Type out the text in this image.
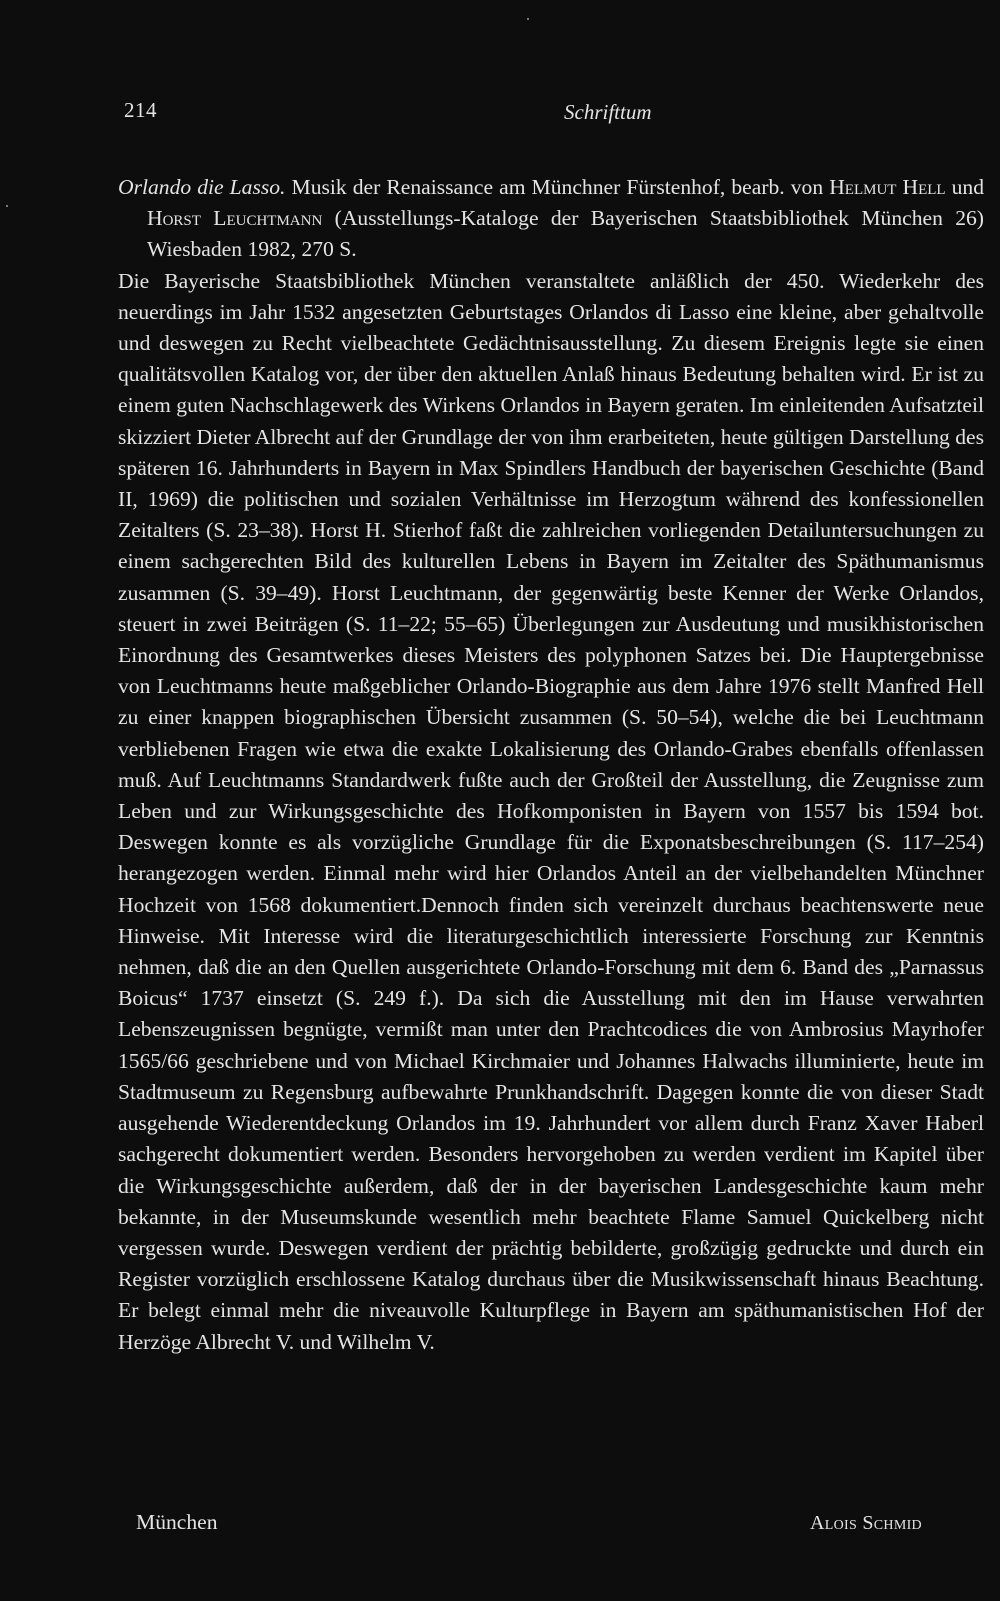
214	Schrifttum

Orlando die Lasso. Musik der Renaissance am Münchner Fürstenhof, bearb. von Helmut Hell und Horst Leuchtmann (Ausstellungs-Kataloge der Bayerischen Staatsbibliothek München 26) Wiesbaden 1982, 270 S.

Die Bayerische Staatsbibliothek München veranstaltete anläßlich der 450. Wiederkehr des neuerdings im Jahr 1532 angesetzten Geburtstages Orlandos di Lasso eine kleine, aber gehaltvolle und deswegen zu Recht vielbeachtete Gedächtnisausstellung. Zu diesem Ereignis legte sie einen qualitätsvollen Katalog vor, der über den aktuellen Anlaß hinaus Bedeutung behalten wird. Er ist zu einem guten Nachschlagewerk des Wirkens Orlandos in Bayern geraten. Im einleitenden Aufsatzteil skizziert Dieter Albrecht auf der Grundlage der von ihm erarbeiteten, heute gültigen Darstellung des späteren 16. Jahrhunderts in Bayern in Max Spindlers Handbuch der bayerischen Geschichte (Band II, 1969) die politischen und sozialen Verhältnisse im Herzogtum während des konfessionellen Zeitalters (S. 23–38). Horst H. Stierhof faßt die zahlreichen vorliegenden Detailuntersuchungen zu einem sachgerechten Bild des kulturellen Lebens in Bayern im Zeitalter des Späthumanismus zusammen (S. 39–49). Horst Leuchtmann, der gegenwärtig beste Kenner der Werke Orlandos, steuert in zwei Beiträgen (S. 11–22; 55–65) Überlegungen zur Ausdeutung und musikhistorischen Einordnung des Gesamtwerkes dieses Meisters des polyphonen Satzes bei. Die Hauptergebnisse von Leuchtmanns heute maßgeblicher Orlando-Biographie aus dem Jahre 1976 stellt Manfred Hell zu einer knappen biographischen Übersicht zusammen (S. 50–54), welche die bei Leuchtmann verbliebenen Fragen wie etwa die exakte Lokalisierung des Orlando-Grabes ebenfalls offenlassen muß. Auf Leuchtmanns Standardwerk fußte auch der Großteil der Ausstellung, die Zeugnisse zum Leben und zur Wirkungsgeschichte des Hofkomponisten in Bayern von 1557 bis 1594 bot. Deswegen konnte es als vorzügliche Grundlage für die Exponatsbeschreibungen (S. 117–254) herangezogen werden. Einmal mehr wird hier Orlandos Anteil an der vielbehandelten Münchner Hochzeit von 1568 dokumentiert.Dennoch finden sich vereinzelt durchaus beachtenswerte neue Hinweise. Mit Interesse wird die literaturgeschichtlich interessierte Forschung zur Kenntnis nehmen, daß die an den Quellen ausgerichtete Orlando-Forschung mit dem 6. Band des „Parnassus Boicus“ 1737 einsetzt (S. 249 f.). Da sich die Ausstellung mit den im Hause verwahrten Lebenszeugnissen begnügte, vermißt man unter den Prachtcodices die von Ambrosius Mayrhofer 1565/66 geschriebene und von Michael Kirchmaier und Johannes Halwachs illuminierte, heute im Stadtmuseum zu Regensburg aufbewahrte Prunkhandschrift. Dagegen konnte die von dieser Stadt ausgehende Wiederentdeckung Orlandos im 19. Jahrhundert vor allem durch Franz Xaver Haberl sachgerecht dokumentiert werden. Besonders hervorgehoben zu werden verdient im Kapitel über die Wirkungsgeschichte außerdem, daß der in der bayerischen Landesgeschichte kaum mehr bekannte, in der Museumskunde wesentlich mehr beachtete Flame Samuel Quickelberg nicht vergessen wurde. Deswegen verdient der prächtig bebilderte, großzügig gedruckte und durch ein Register vorzüglich erschlossene Katalog durchaus über die Musikwissenschaft hinaus Beachtung. Er belegt einmal mehr die niveauvolle Kulturpflege in Bayern am späthumanistischen Hof der Herzöge Albrecht V. und Wilhelm V.

München	Alois Schmid
